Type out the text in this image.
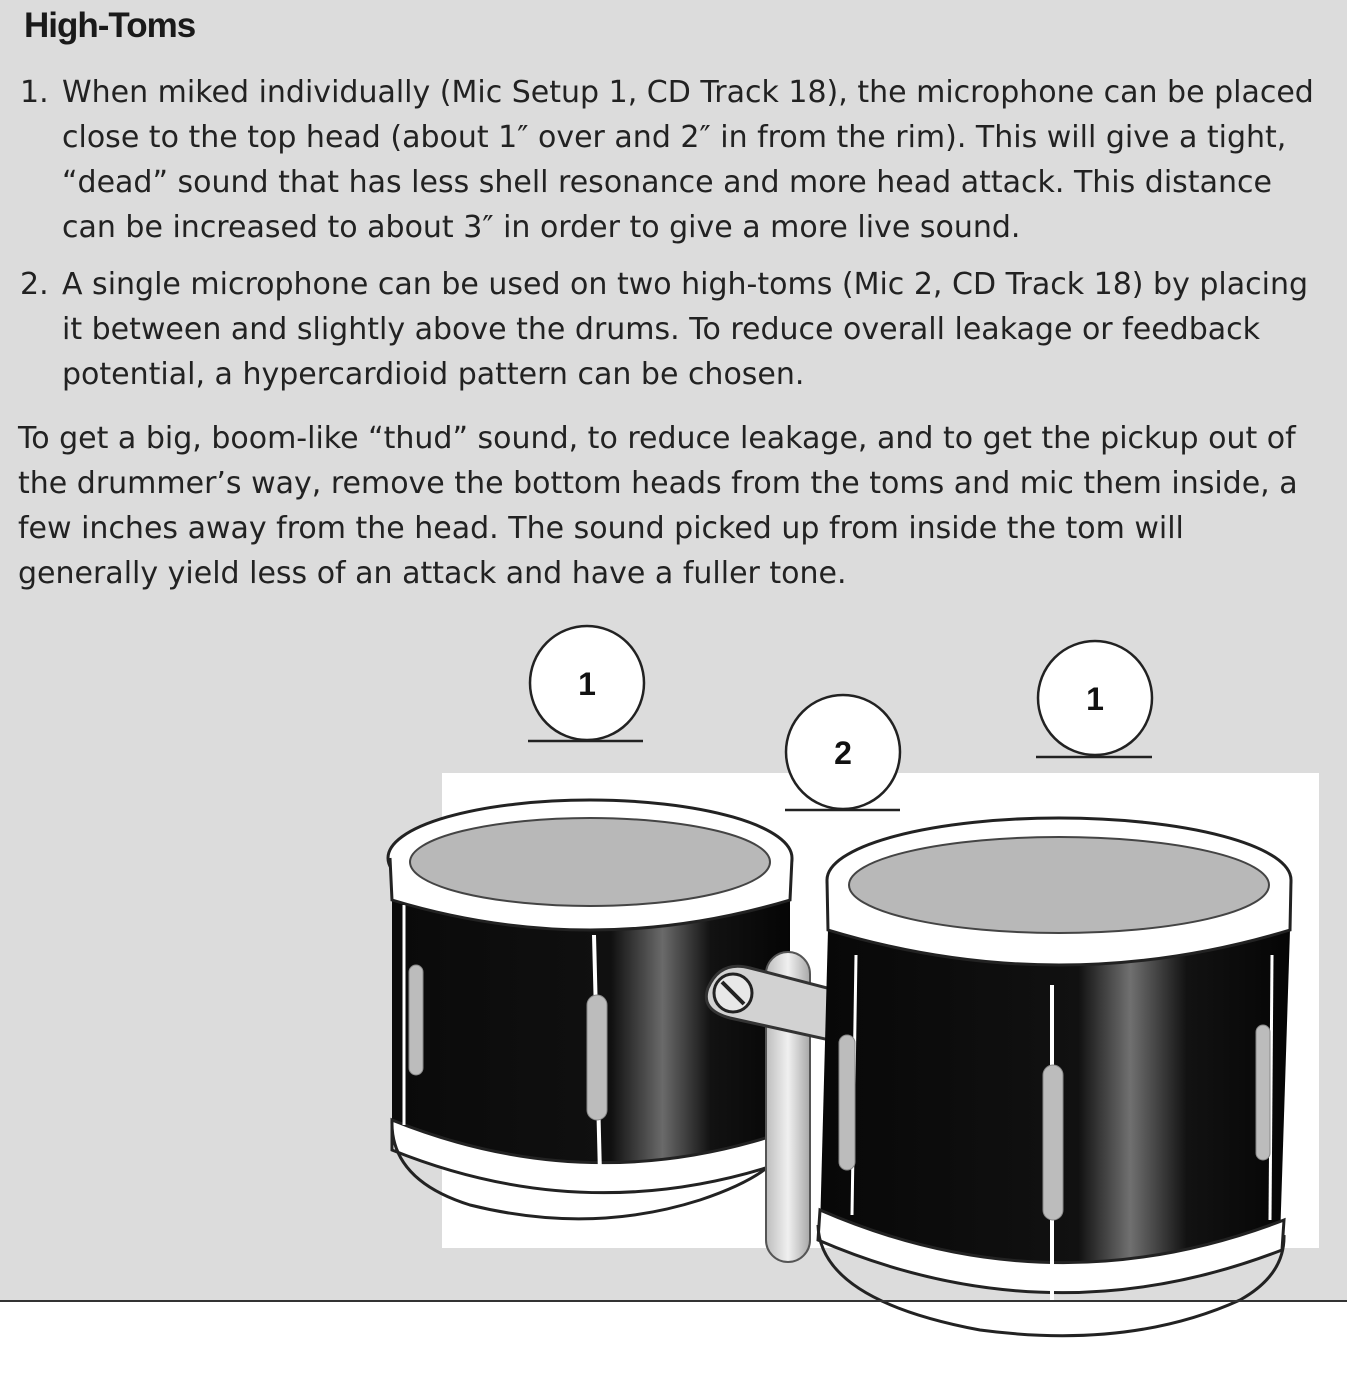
High-Toms
1. When miked individually (Mic Setup 1, CD Track 18), the microphone can be placed close to the top head (about 1″ over and 2″ in from the rim). This will give a tight, “dead” sound that has less shell resonance and more head attack. This distance can be increased to about 3″ in order to give a more live sound.
2. A single microphone can be used on two high-toms (Mic 2, CD Track 18) by placing it between and slightly above the drums. To reduce overall leakage or feedback potential, a hypercardioid pattern can be chosen.

To get a big, boom-like “thud” sound, to reduce leakage, and to get the pickup out of the drummer’s way, remove the bottom heads from the toms and mic them inside, a few inches away from the head. The sound picked up from inside the tom will generally yield less of an attack and have a fuller tone.

1
2
1
